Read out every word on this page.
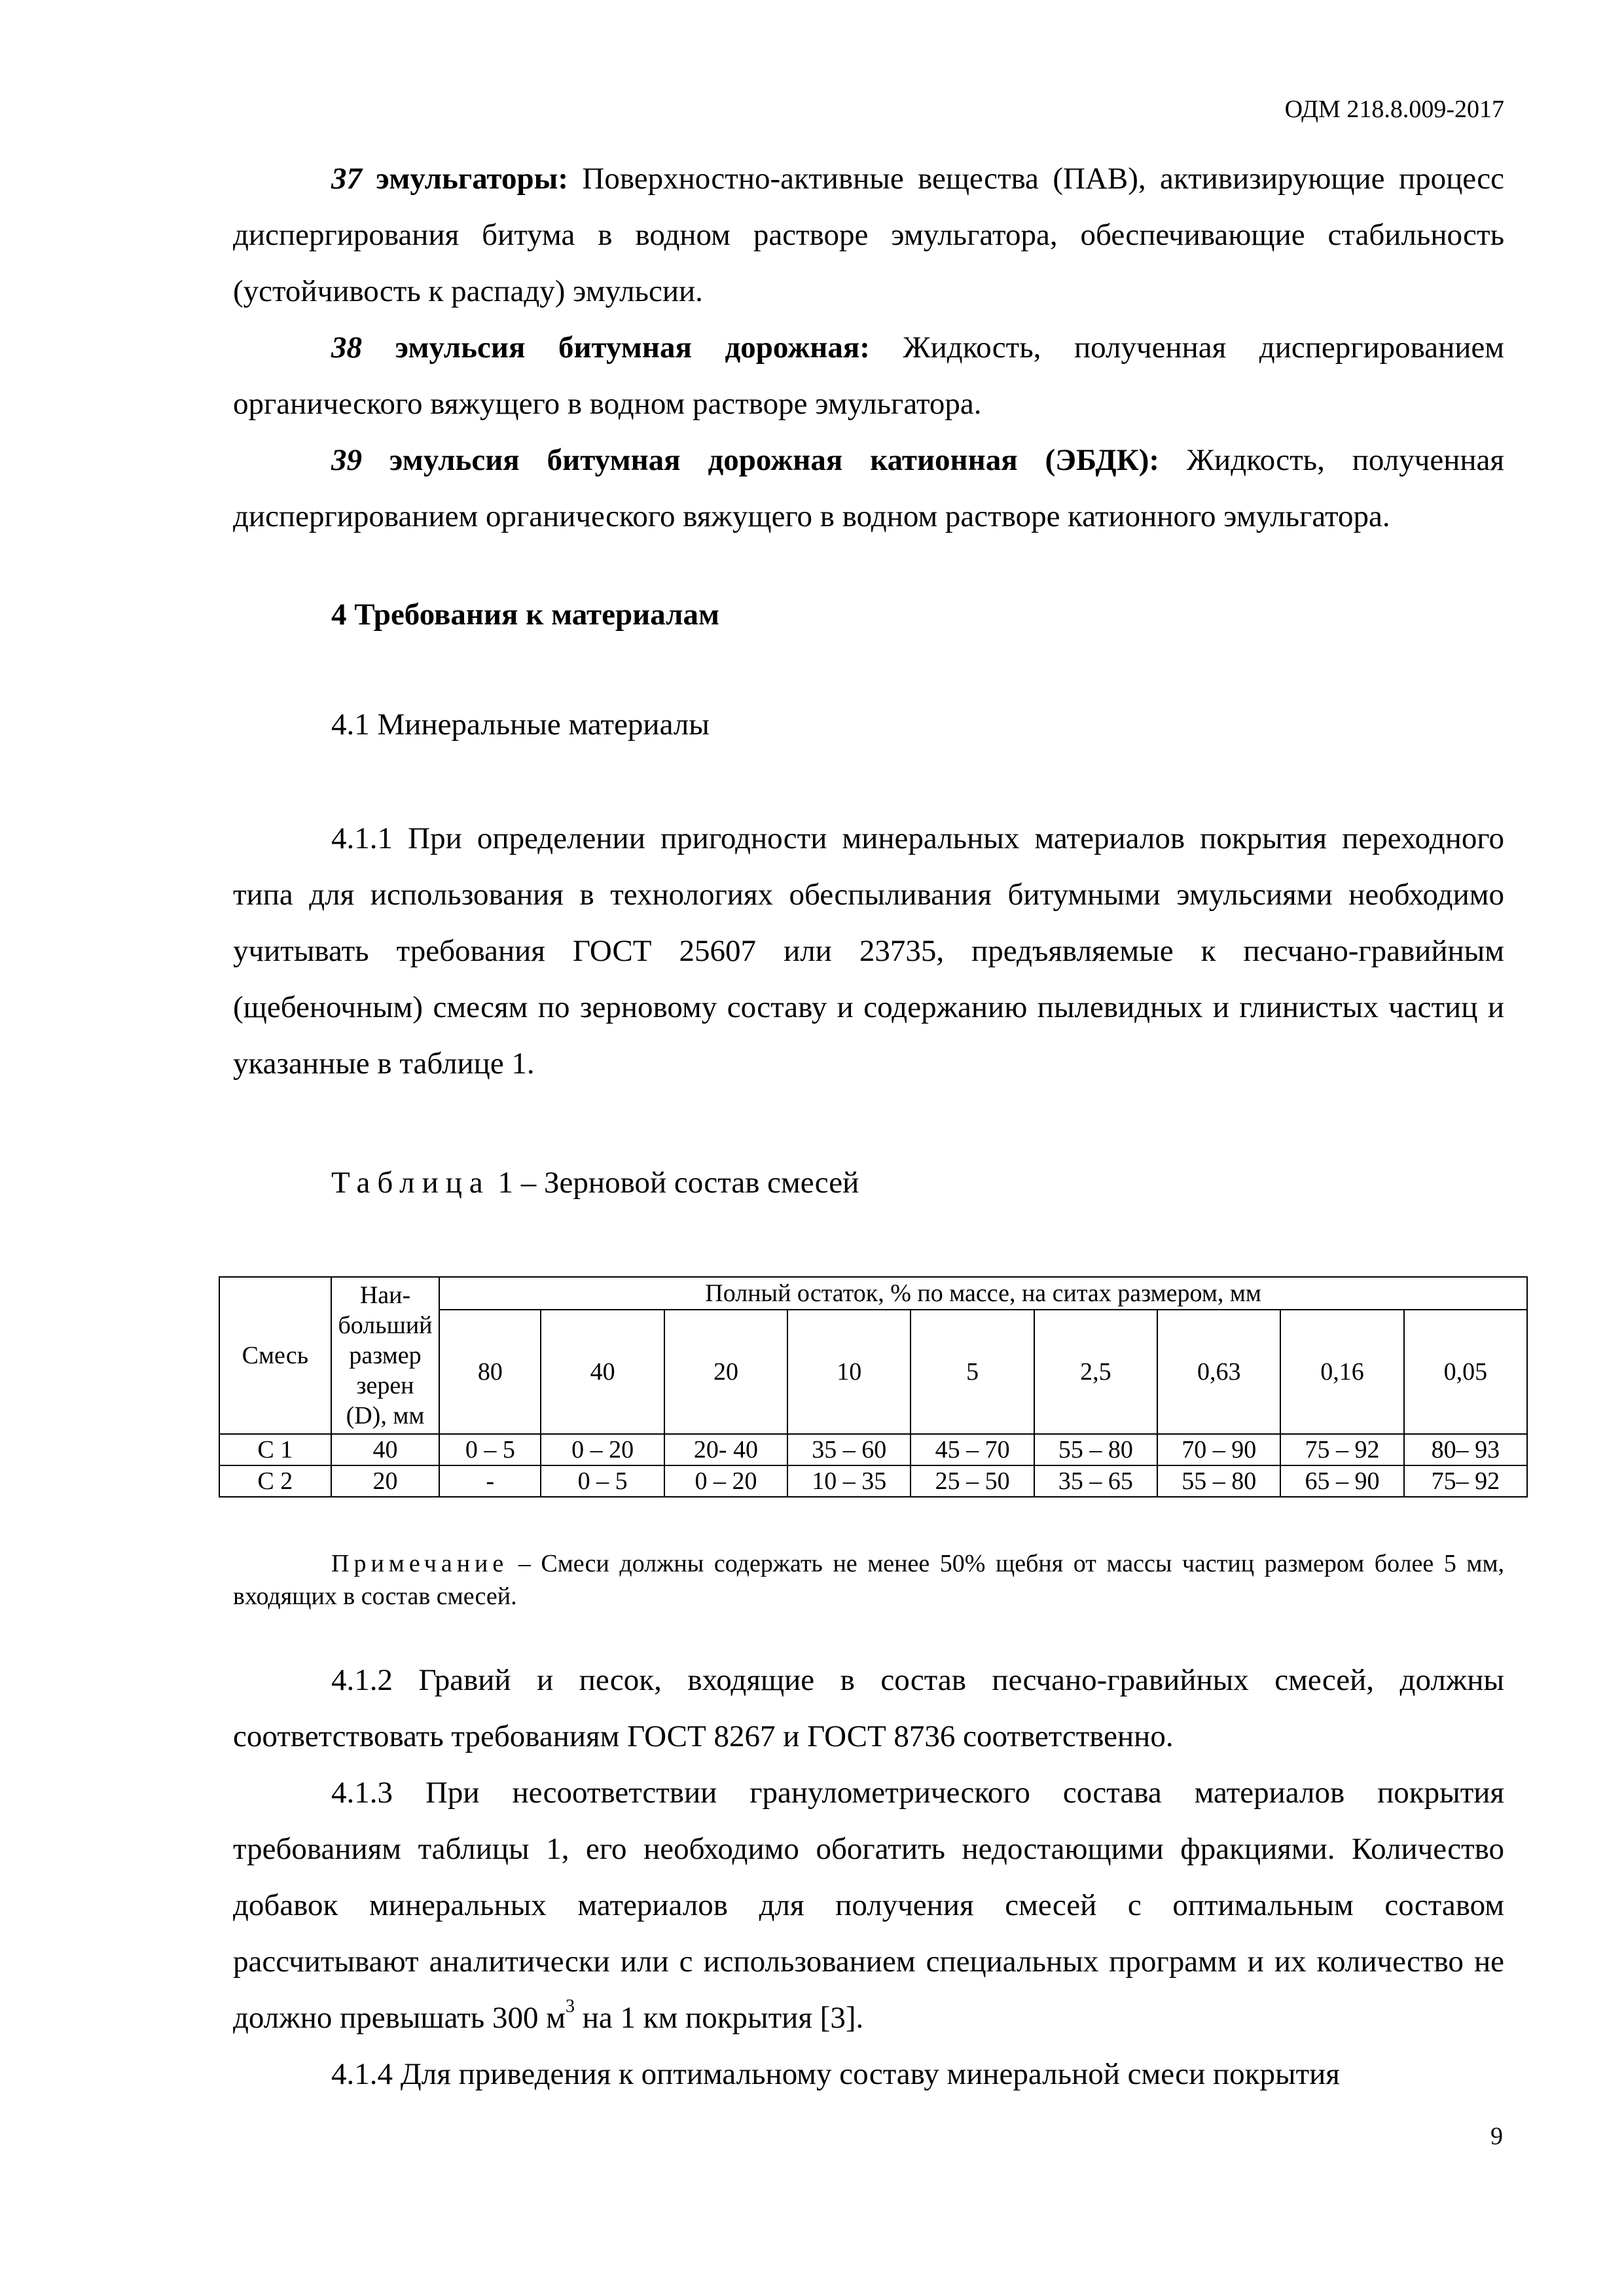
ОДМ 218.8.009-2017

37 эмульгаторы: Поверхностно-активные вещества (ПАВ), активизирующие процесс диспергирования битума в водном растворе эмульгатора, обеспечивающие стабильность (устойчивость к распаду) эмульсии.

38 эмульсия битумная дорожная: Жидкость, полученная диспергированием органического вяжущего в водном растворе эмульгатора.

39 эмульсия битумная дорожная катионная (ЭБДК): Жидкость, полученная диспергированием органического вяжущего в водном растворе катионного эмульгатора.

4 Требования к материалам

4.1 Минеральные материалы

4.1.1 При определении пригодности минеральных материалов покрытия переходного типа для использования в технологиях обеспыливания битумными эмульсиями необходимо учитывать требования ГОСТ 25607 или 23735, предъявляемые к песчано-гравийным (щебеночным) смесям по зерновому составу и содержанию пылевидных и глинистых частиц и указанные в таблице 1.

Таблица 1 – Зерновой состав смесей

Смесь	Наи-
больший
размер
зерен
(D), мм	Полный остаток, % по массе, на ситах размером, мм								
		80	40	20	10	5	2,5	0,63	0,16	0,05
С 1	40	0 – 5	0 – 20	20- 40	35 – 60	45 – 70	55 – 80	70 – 90	75 – 92	80– 93
С 2	20	-	0 – 5	0 – 20	10 – 35	25 – 50	35 – 65	55 – 80	65 – 90	75– 92

Примечание – Смеси должны содержать не менее 50% щебня от массы частиц размером более 5 мм, входящих в состав смесей.

4.1.2 Гравий и песок, входящие в состав песчано-гравийных смесей, должны соответствовать требованиям ГОСТ 8267 и ГОСТ 8736 соответственно.

4.1.3 При несоответствии гранулометрического состава материалов покрытия требованиям таблицы 1, его необходимо обогатить недостающими фракциями. Количество добавок минеральных материалов для получения смесей с оптимальным составом рассчитывают аналитически или с использованием специальных программ и их количество не должно превышать 300 $м^3$ на 1 км покрытия [3].

4.1.4 Для приведения к оптимальному составу минеральной смеси покрытия

9
